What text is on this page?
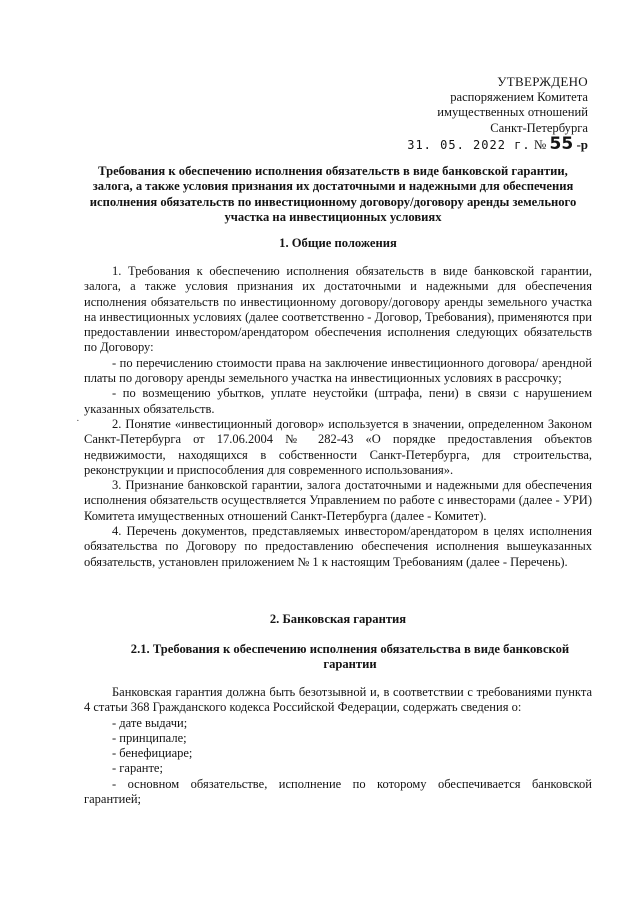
УТВЕРЖДЕНО
распоряжением Комитета
имущественных отношений
Санкт-Петербурга
31. 05. 2022 г. № 55 -р
Требования к обеспечению исполнения обязательств в виде банковской гарантии, залога, а также условия признания их достаточными и надежными для обеспечения исполнения обязательств по инвестиционному договору/договору аренды земельного участка на инвестиционных условиях
1. Общие положения

1. Требования к обеспечению исполнения обязательств в виде банковской гарантии, залога, а также условия признания их достаточными и надежными для обеспечения исполнения обязательств по инвестиционному договору/договору аренды земельного участка на инвестиционных условиях (далее соответственно - Договор, Требования), применяются при предоставлении инвестором/арендатором обеспечения исполнения следующих обязательств по Договору:

- по перечислению стоимости права на заключение инвестиционного договора/ арендной платы по договору аренды земельного участка на инвестиционных условиях в рассрочку;

- по возмещению убытков, уплате неустойки (штрафа, пени) в связи с нарушением указанных обязательств.

2. Понятие «инвестиционный договор» используется в значении, определенном Законом Санкт-Петербурга от 17.06.2004 № 282-43 «О порядке предоставления объектов недвижимости, находящихся в собственности Санкт-Петербурга, для строительства, реконструкции и приспособления для современного использования».

3. Признание банковской гарантии, залога достаточными и надежными для обеспечения исполнения обязательств осуществляется Управлением по работе с инвесторами (далее - УРИ) Комитета имущественных отношений Санкт-Петербурга (далее - Комитет).

4. Перечень документов, представляемых инвестором/арендатором в целях исполнения обязательства по Договору по предоставлению обеспечения исполнения вышеуказанных обязательств, установлен приложением № 1 к настоящим Требованиям (далее - Перечень).

·
2. Банковская гарантия
2.1. Требования к обеспечению исполнения обязательства в виде банковской гарантии

Банковская гарантия должна быть безотзывной и, в соответствии с требованиями пункта 4 статьи 368 Гражданского кодекса Российской Федерации, содержать сведения о:

- дате выдачи;

- принципале;

- бенефициаре;

- гаранте;

- основном обязательстве, исполнение по которому обеспечивается банковской гарантией;
